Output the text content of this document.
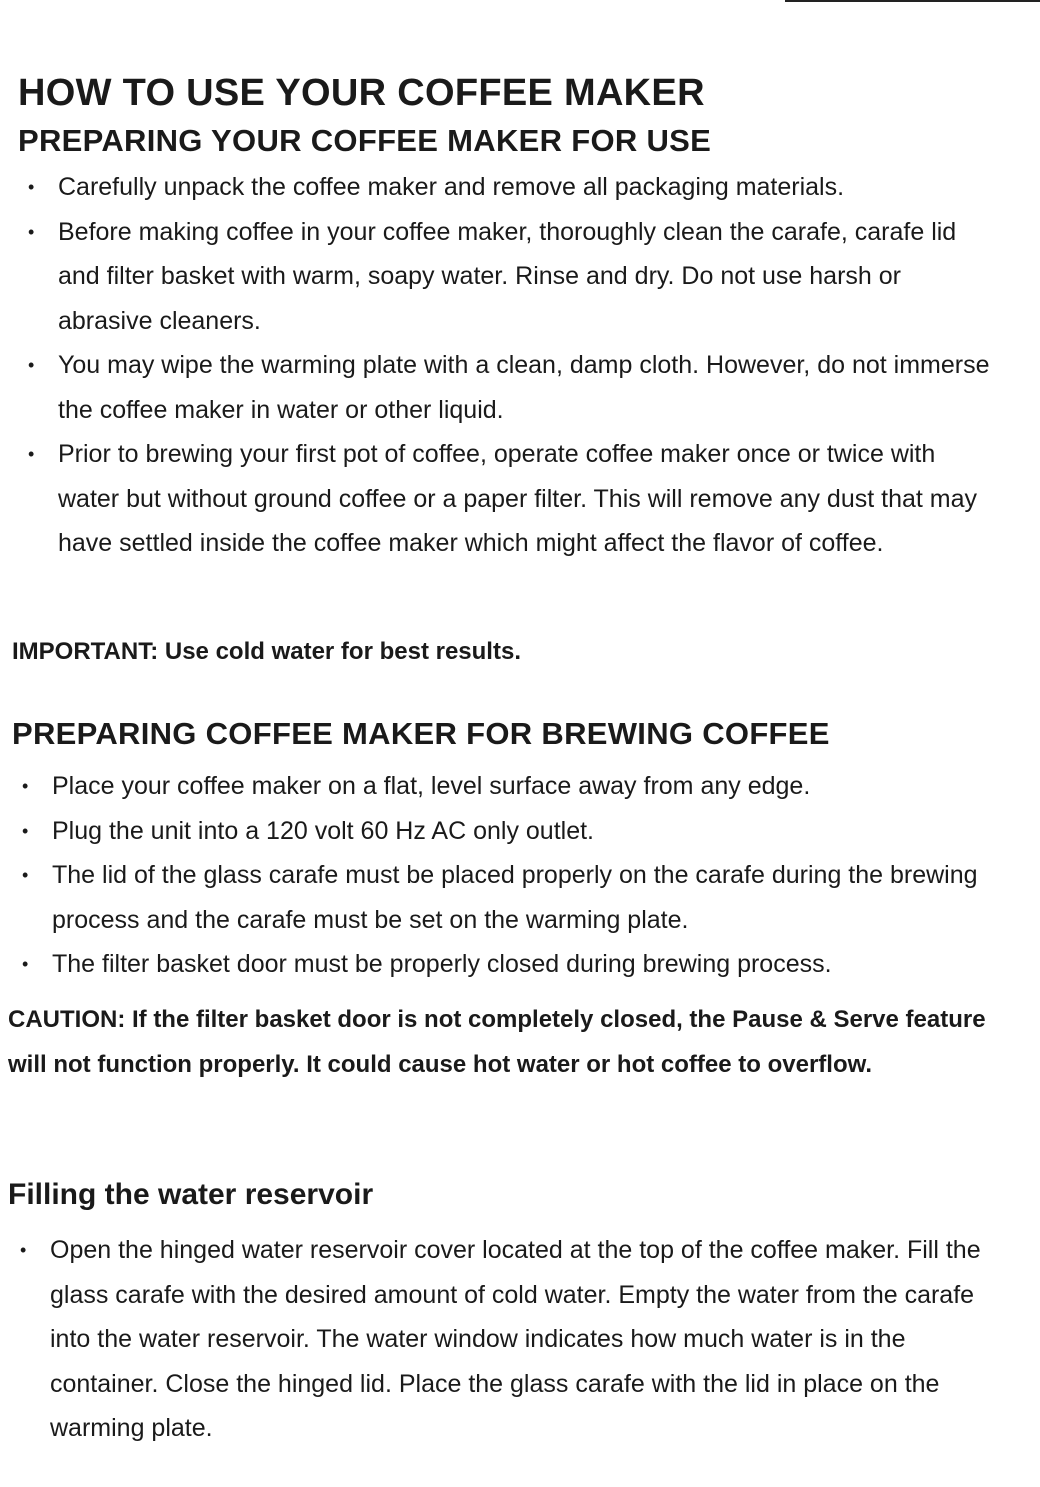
HOW TO USE YOUR COFFEE MAKER
PREPARING YOUR COFFEE MAKER FOR USE
• Carefully unpack the coffee maker and remove all packaging materials.
• Before making coffee in your coffee maker, thoroughly clean the carafe, carafe lid and filter basket with warm, soapy water. Rinse and dry. Do not use harsh or abrasive cleaners.
• You may wipe the warming plate with a clean, damp cloth. However, do not immerse the coffee maker in water or other liquid.
• Prior to brewing your first pot of coffee, operate coffee maker once or twice with water but without ground coffee or a paper filter. This will remove any dust that may have settled inside the coffee maker which might affect the flavor of coffee.
IMPORTANT: Use cold water for best results.
PREPARING COFFEE MAKER FOR BREWING COFFEE
• Place your coffee maker on a flat, level surface away from any edge.
• Plug the unit into a 120 volt 60 Hz AC only outlet.
• The lid of the glass carafe must be placed properly on the carafe during the brewing process and the carafe must be set on the warming plate.
• The filter basket door must be properly closed during brewing process.
CAUTION: If the filter basket door is not completely closed, the Pause & Serve feature will not function properly. It could cause hot water or hot coffee to overflow.
Filling the water reservoir
• Open the hinged water reservoir cover located at the top of the coffee maker. Fill the glass carafe with the desired amount of cold water. Empty the water from the carafe into the water reservoir. The water window indicates how much water is in the container. Close the hinged lid. Place the glass carafe with the lid in place on the warming plate.
